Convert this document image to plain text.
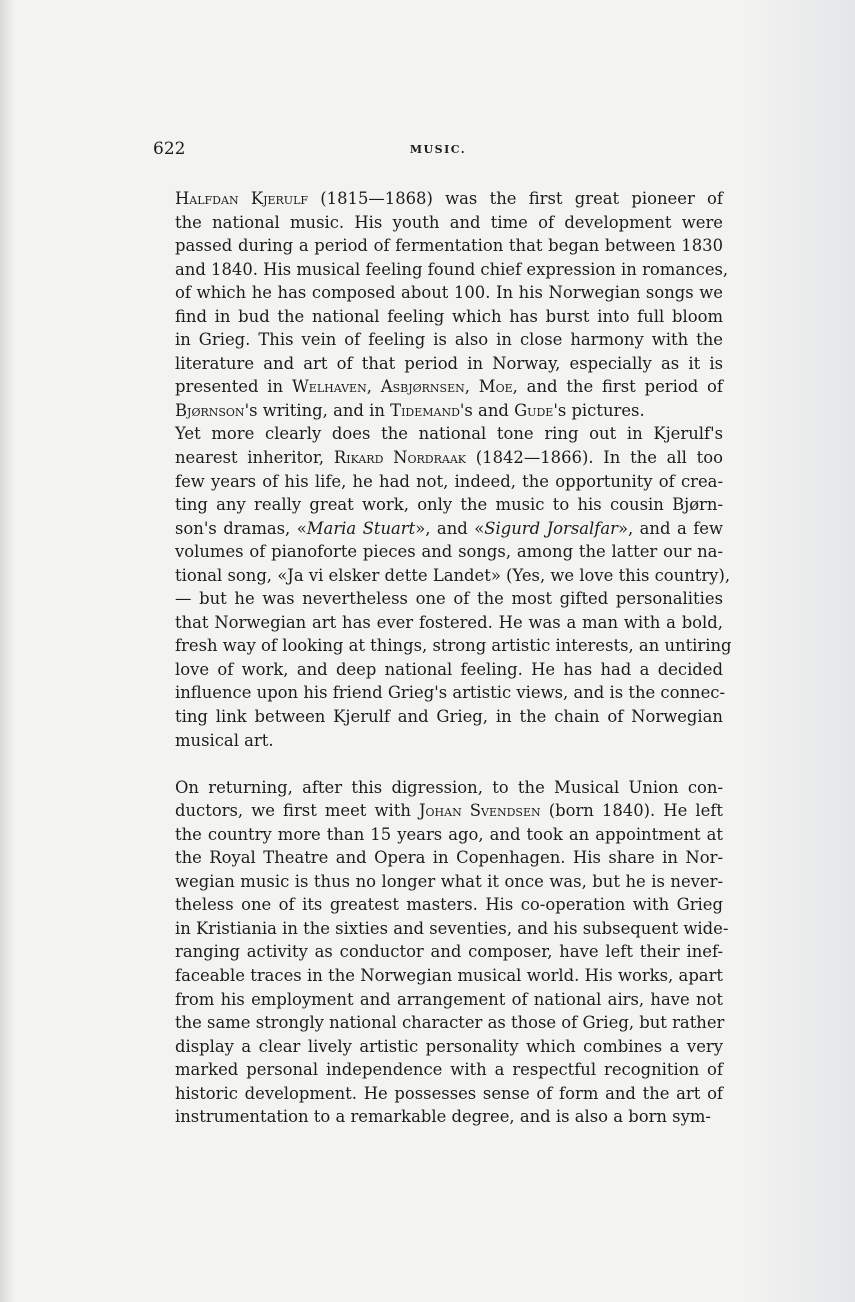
622	MUSIC.
Halfdan Kjerulf (1815—1868) was the first great pioneer of
the national music. His youth and time of development were
passed during a period of fermentation that began between 1830
and 1840. His musical feeling found chief expression in romances,
of which he has composed about 100. In his Norwegian songs we
find in bud the national feeling which has burst into full bloom
in Grieg. This vein of feeling is also in close harmony with the
literature and art of that period in Norway, especially as it is
presented in Welhaven, Asbjørnsen, Moe, and the first period of
Bjørnson's writing, and in Tidemand's and Gude's pictures.
Yet more clearly does the national tone ring out in Kjerulf's
nearest inheritor, Rikard Nordraak (1842—1866). In the all too
few years of his life, he had not, indeed, the opportunity of crea-
ting any really great work, only the music to his cousin Bjørn-
son's dramas, «Maria Stuart», and «Sigurd Jorsalfar», and a few
volumes of pianoforte pieces and songs, among the latter our na-
tional song, «Ja vi elsker dette Landet» (Yes, we love this country),
— but he was nevertheless one of the most gifted personalities
that Norwegian art has ever fostered. He was a man with a bold,
fresh way of looking at things, strong artistic interests, an untiring
love of work, and deep national feeling. He has had a decided
influence upon his friend Grieg's artistic views, and is the connec-
ting link between Kjerulf and Grieg, in the chain of Norwegian
musical art.
On returning, after this digression, to the Musical Union con-
ductors, we first meet with Johan Svendsen (born 1840). He left
the country more than 15 years ago, and took an appointment at
the Royal Theatre and Opera in Copenhagen. His share in Nor-
wegian music is thus no longer what it once was, but he is never-
theless one of its greatest masters. His co-operation with Grieg
in Kristiania in the sixties and seventies, and his subsequent wide-
ranging activity as conductor and composer, have left their inef-
faceable traces in the Norwegian musical world. His works, apart
from his employment and arrangement of national airs, have not
the same strongly national character as those of Grieg, but rather
display a clear lively artistic personality which combines a very
marked personal independence with a respectful recognition of
historic development. He possesses sense of form and the art of
instrumentation to a remarkable degree, and is also a born sym-
